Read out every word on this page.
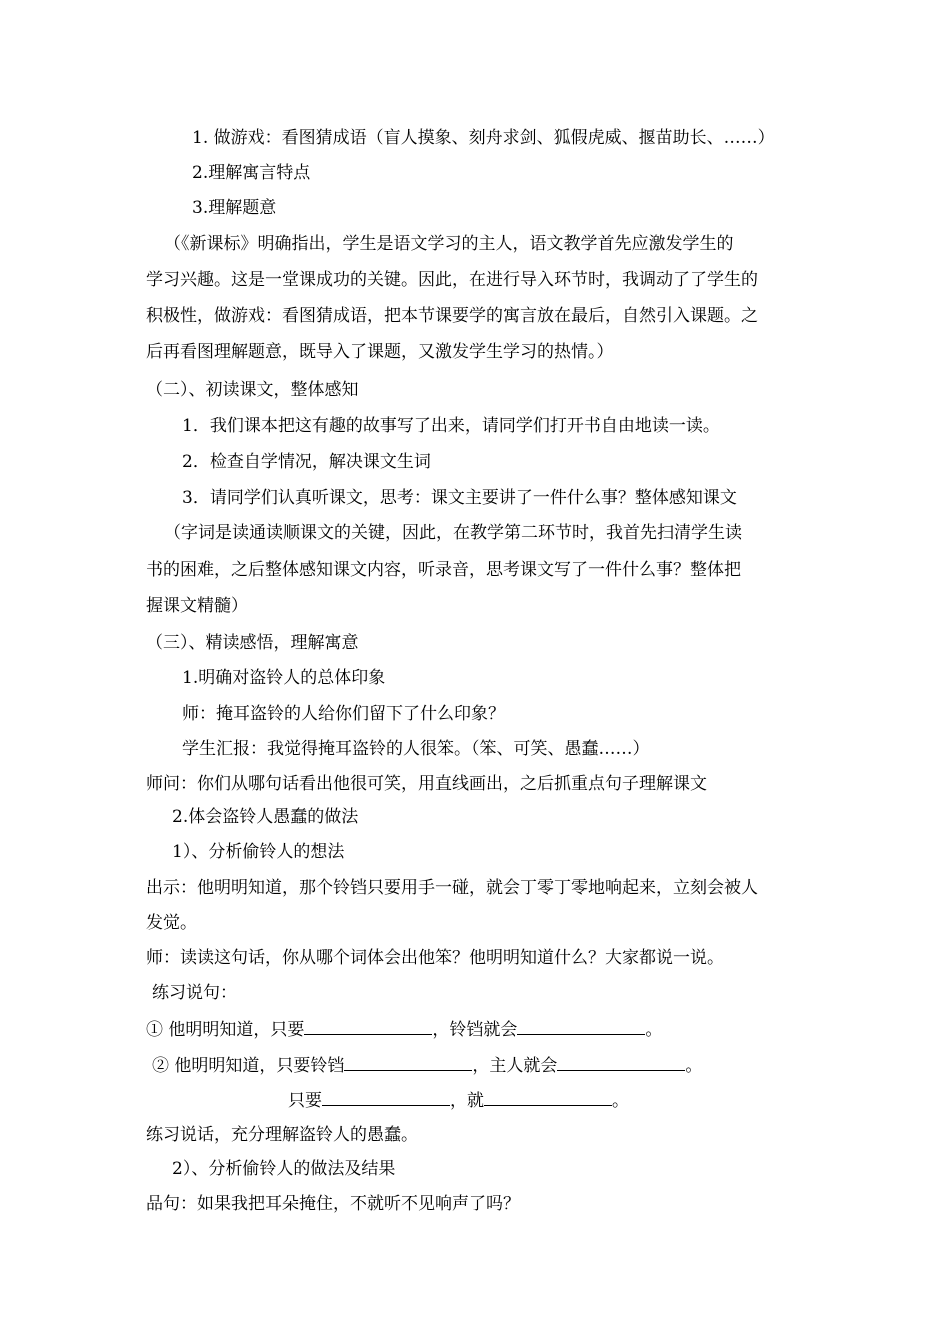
1. 做游戏：看图猜成语（盲人摸象、刻舟求剑、狐假虎威、揠苗助长、……）
2.理解寓言特点
3.理解题意
（《新课标》明确指出，学生是语文学习的主人，语文教学首先应激发学生的
学习兴趣。这是一堂课成功的关键。因此，在进行导入环节时，我调动了了学生的
积极性，做游戏：看图猜成语，把本节课要学的寓言放在最后，自然引入课题。之
后再看图理解题意，既导入了课题，又激发学生学习的热情。）
（二）、初读课文，整体感知
1．我们课本把这有趣的故事写了出来，请同学们打开书自由地读一读。
2．检查自学情况，解决课文生词
3．请同学们认真听课文，思考：课文主要讲了一件什么事？整体感知课文
（字词是读通读顺课文的关键，因此，在教学第二环节时，我首先扫清学生读
书的困难，之后整体感知课文内容，听录音，思考课文写了一件什么事？整体把
握课文精髓）
（三）、精读感悟，理解寓意
1.明确对盗铃人的总体印象
师：掩耳盗铃的人给你们留下了什么印象？
学生汇报：我觉得掩耳盗铃的人很笨。（笨、可笑、愚蠢……）
师问：你们从哪句话看出他很可笑，用直线画出，之后抓重点句子理解课文
2.体会盗铃人愚蠢的做法
1）、分析偷铃人的想法
出示：他明明知道，那个铃铛只要用手一碰，就会丁零丁零地响起来，立刻会被人
发觉。
师：读读这句话，你从哪个词体会出他笨？他明明知道什么？大家都说一说。
练习说句：
① 他明明知道，只要	，铃铛就会	。
② 他明明知道，只要铃铛	，主人就会	。
只要	，就	。
练习说话，充分理解盗铃人的愚蠢。
2）、分析偷铃人的做法及结果
品句：如果我把耳朵掩住，不就听不见响声了吗？
